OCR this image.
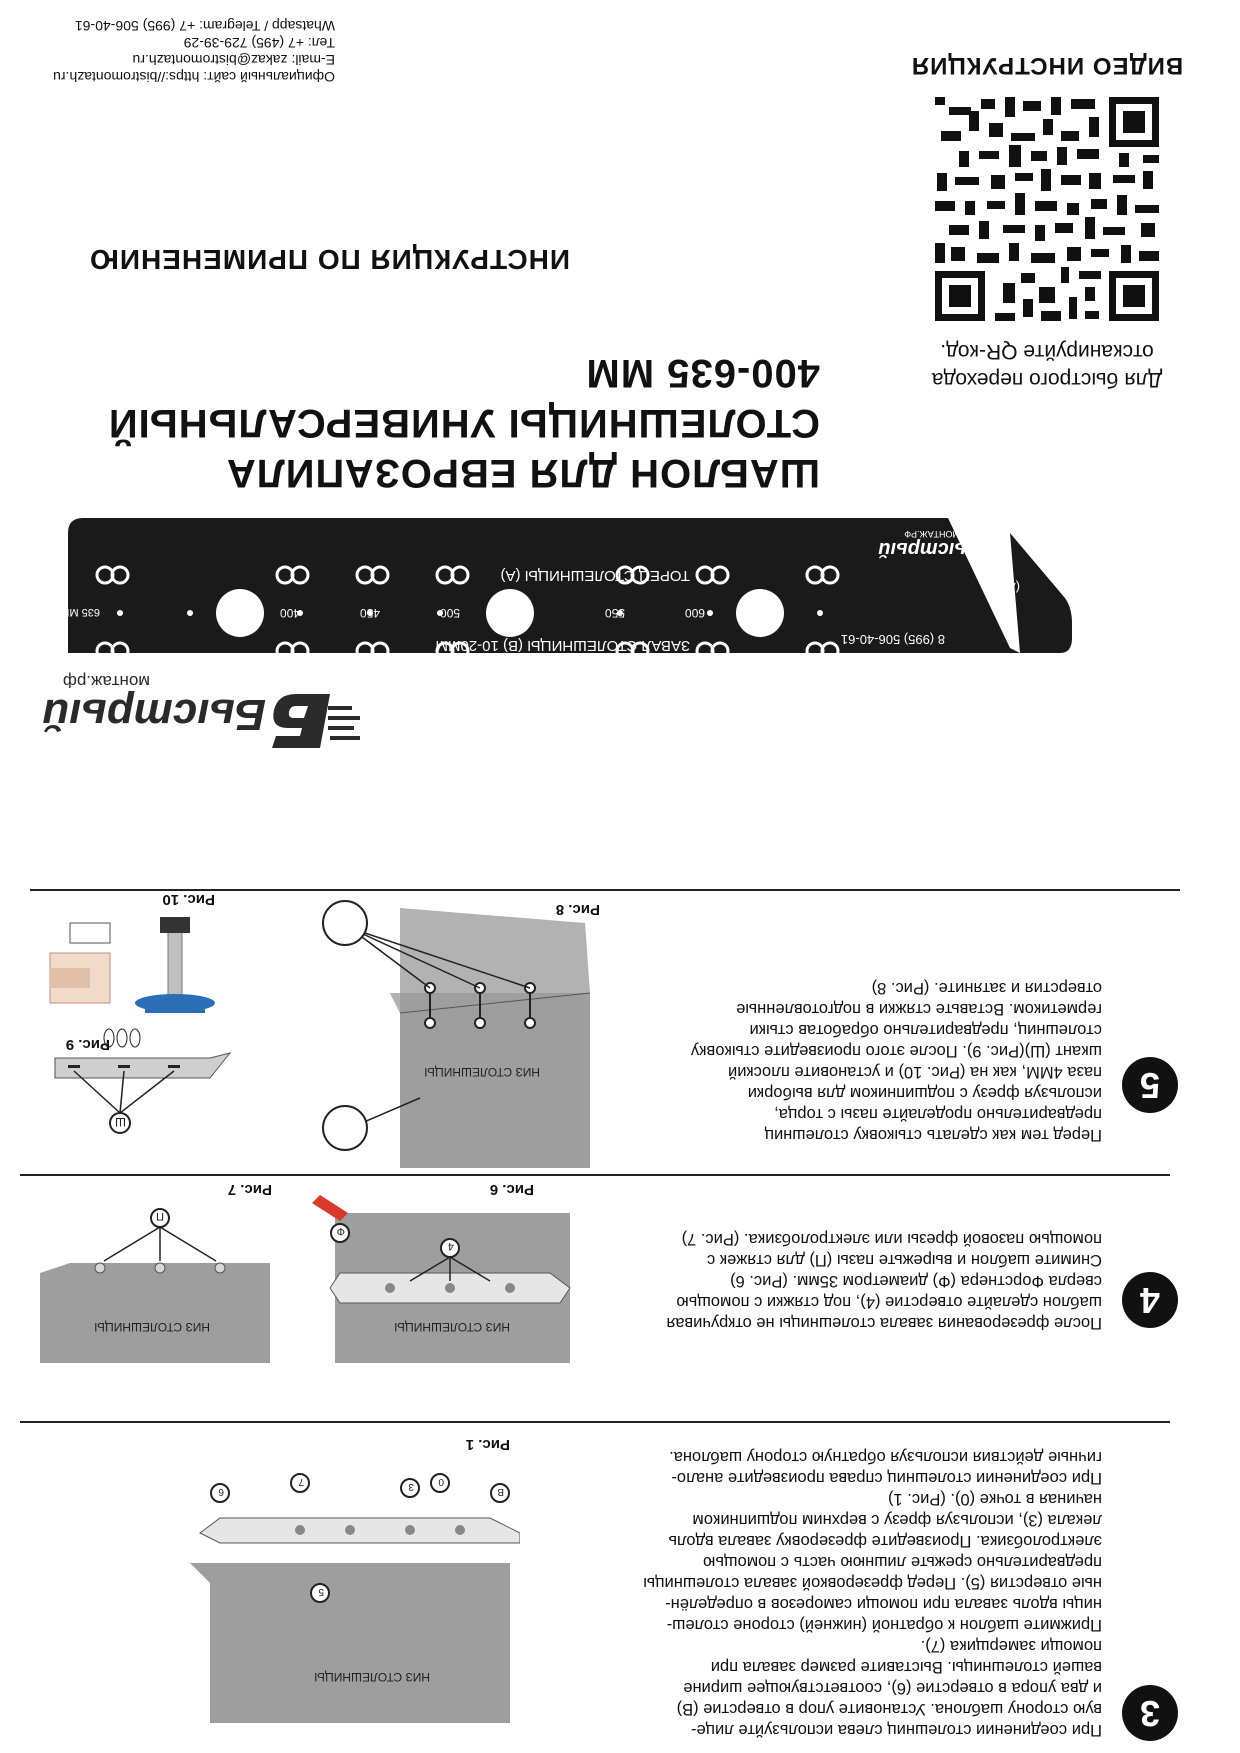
Для быстрого перехода
отсканируйте QR-код.
ВИДЕО ИНСТРУКЦИЯ
Официальный сайт: https://bistromontazh.ru
E-mail: zakaz@bistromontazh.ru
Тел: +7 (495) 729-39-29
Whatsapp / Telegram: +7 (995) 506-40-61
ИНСТРУКЦИЯ ПО ПРИМЕНЕНИЮ
ШАБЛОН ДЛЯ ЕВРОЗАПИЛА
СТОЛЕШНИЦЫ УНИВЕРСАЛЬНЫЙ
400-635 ММ
Быстрый
МОНТАЖ.РФ
8 (995) 506-40-61
ТОРЕЦ СТОЛЕШНИЦЫ (А)
ЗАВАЛ СТОЛЕШНИЦЫ (В) 10-20ММ
400	450	500	550	600
635 ММ
(А)
(В)
10ММ
20ММ
Быстрый
монтаж.рф
5
Перед тем как сделать стыковку столешниц
предварительно проделайте пазы с торца,
используя фрезу с подшипником для выборки
паза 4ММ, как на (Рис. 10) и установите плоский
шкант (Ш)(Рис. 9). После этого произведите стыковку
столешниц, предварительно обработав стыки
герметиком. Вставьте стяжки в подготовленные
отверстия и затяните. (Рис. 8)
НИЗ СТОЛЕШНИЦЫ
Рис. 8
Ш
Рис. 9
Рис. 10
4
После фрезерования завала столешницы не откручивая
шаблон сделайте отверстие (4), под стяжки с помощью
сверла Форстнера (Ф) диаметром 35мм. (Рис. 6)
Снимите шаблон и вырежьте пазы (П) для стяжек с
помощью пазовой фрезы или электролобзика. (Рис. 7)
НИЗ СТОЛЕШНИЦЫ
4
Ф
Рис. 6
НИЗ СТОЛЕШНИЦЫ
П
Рис. 7
3
При соединении столешниц слева используйте лице-
вую сторону шаблона. Установите упор в отверстие (В)
и два упора в отверстие (6), соответствующее ширине
вашей столешницы. Выставите размер завала при
помощи замерщика (7).
Прижмите шаблон к обратной (нижней) стороне столеш-
ницы вдоль завала при помощи саморезов в определён-
ные отверстия (5). Перед фрезеровкой завала столешницы
предварительно срежьте лишнюю часть с помощью
электролобзика. Произведите фрезеровку завала вдоль
лекала (3), используя фрезу с верхним подшипником
начиная в точке (0). (Рис. 1)
При соединении столешниц справа произведите анало-
гичные действия используя обратную сторону шаблона.
НИЗ СТОЛЕШНИЦЫ
В
0
3
7
6
5
Рис. 1
